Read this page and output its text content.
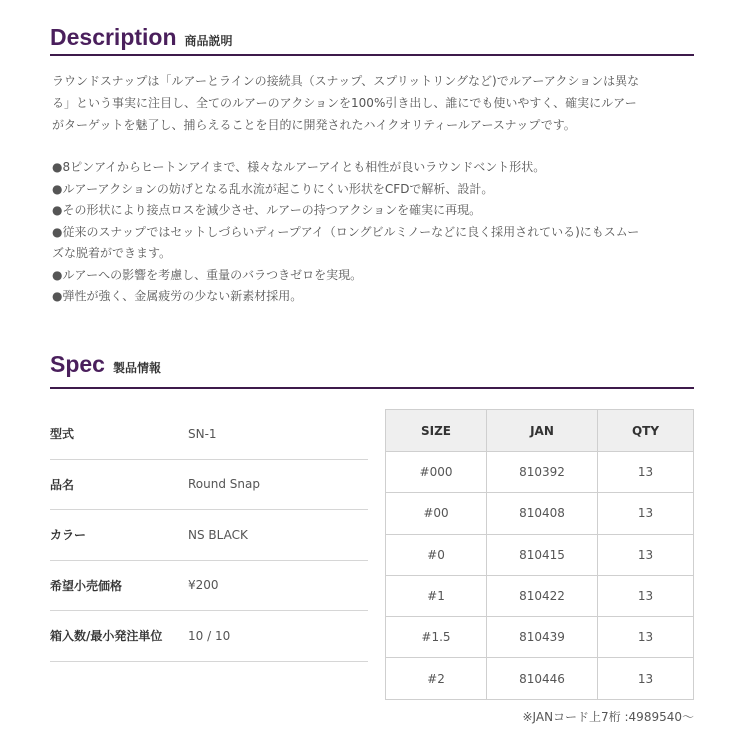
Description 商品説明
ラウンドスナップは「ルアーとラインの接続具（スナップ、スプリットリングなど)でルアーアクションは異な
る」という事実に注目し、全てのルアーのアクションを100%引き出し、誰にでも使いやすく、確実にルアー
がターゲットを魅了し、捕らえることを目的に開発されたハイクオリティールアースナップです。
●8ピンアイからヒートンアイまで、様々なルアーアイとも相性が良いラウンドベント形状。
●ルアーアクションの妨げとなる乱水流が起こりにくい形状をCFDで解析、設計。
●その形状により接点ロスを減少させ、ルアーの持つアクションを確実に再現。
●従来のスナップではセットしづらいディープアイ（ロングビルミノーなどに良く採用されている)にもスムー
ズな脱着ができます。
●ルアーへの影響を考慮し、重量のバラつきゼロを実現。
●弾性が強く、金属疲労の少ない新素材採用。
Spec 製品情報
型式	SN-1
品名	Round Snap
カラー	NS BLACK
希望小売価格	¥200
箱入数/最小発注単位	10 / 10
SIZE	JAN	QTY
#000	810392	13
#00	810408	13
#0	810415	13
#1	810422	13
#1.5	810439	13
#2	810446	13
※JANコード上7桁 :4989540～
